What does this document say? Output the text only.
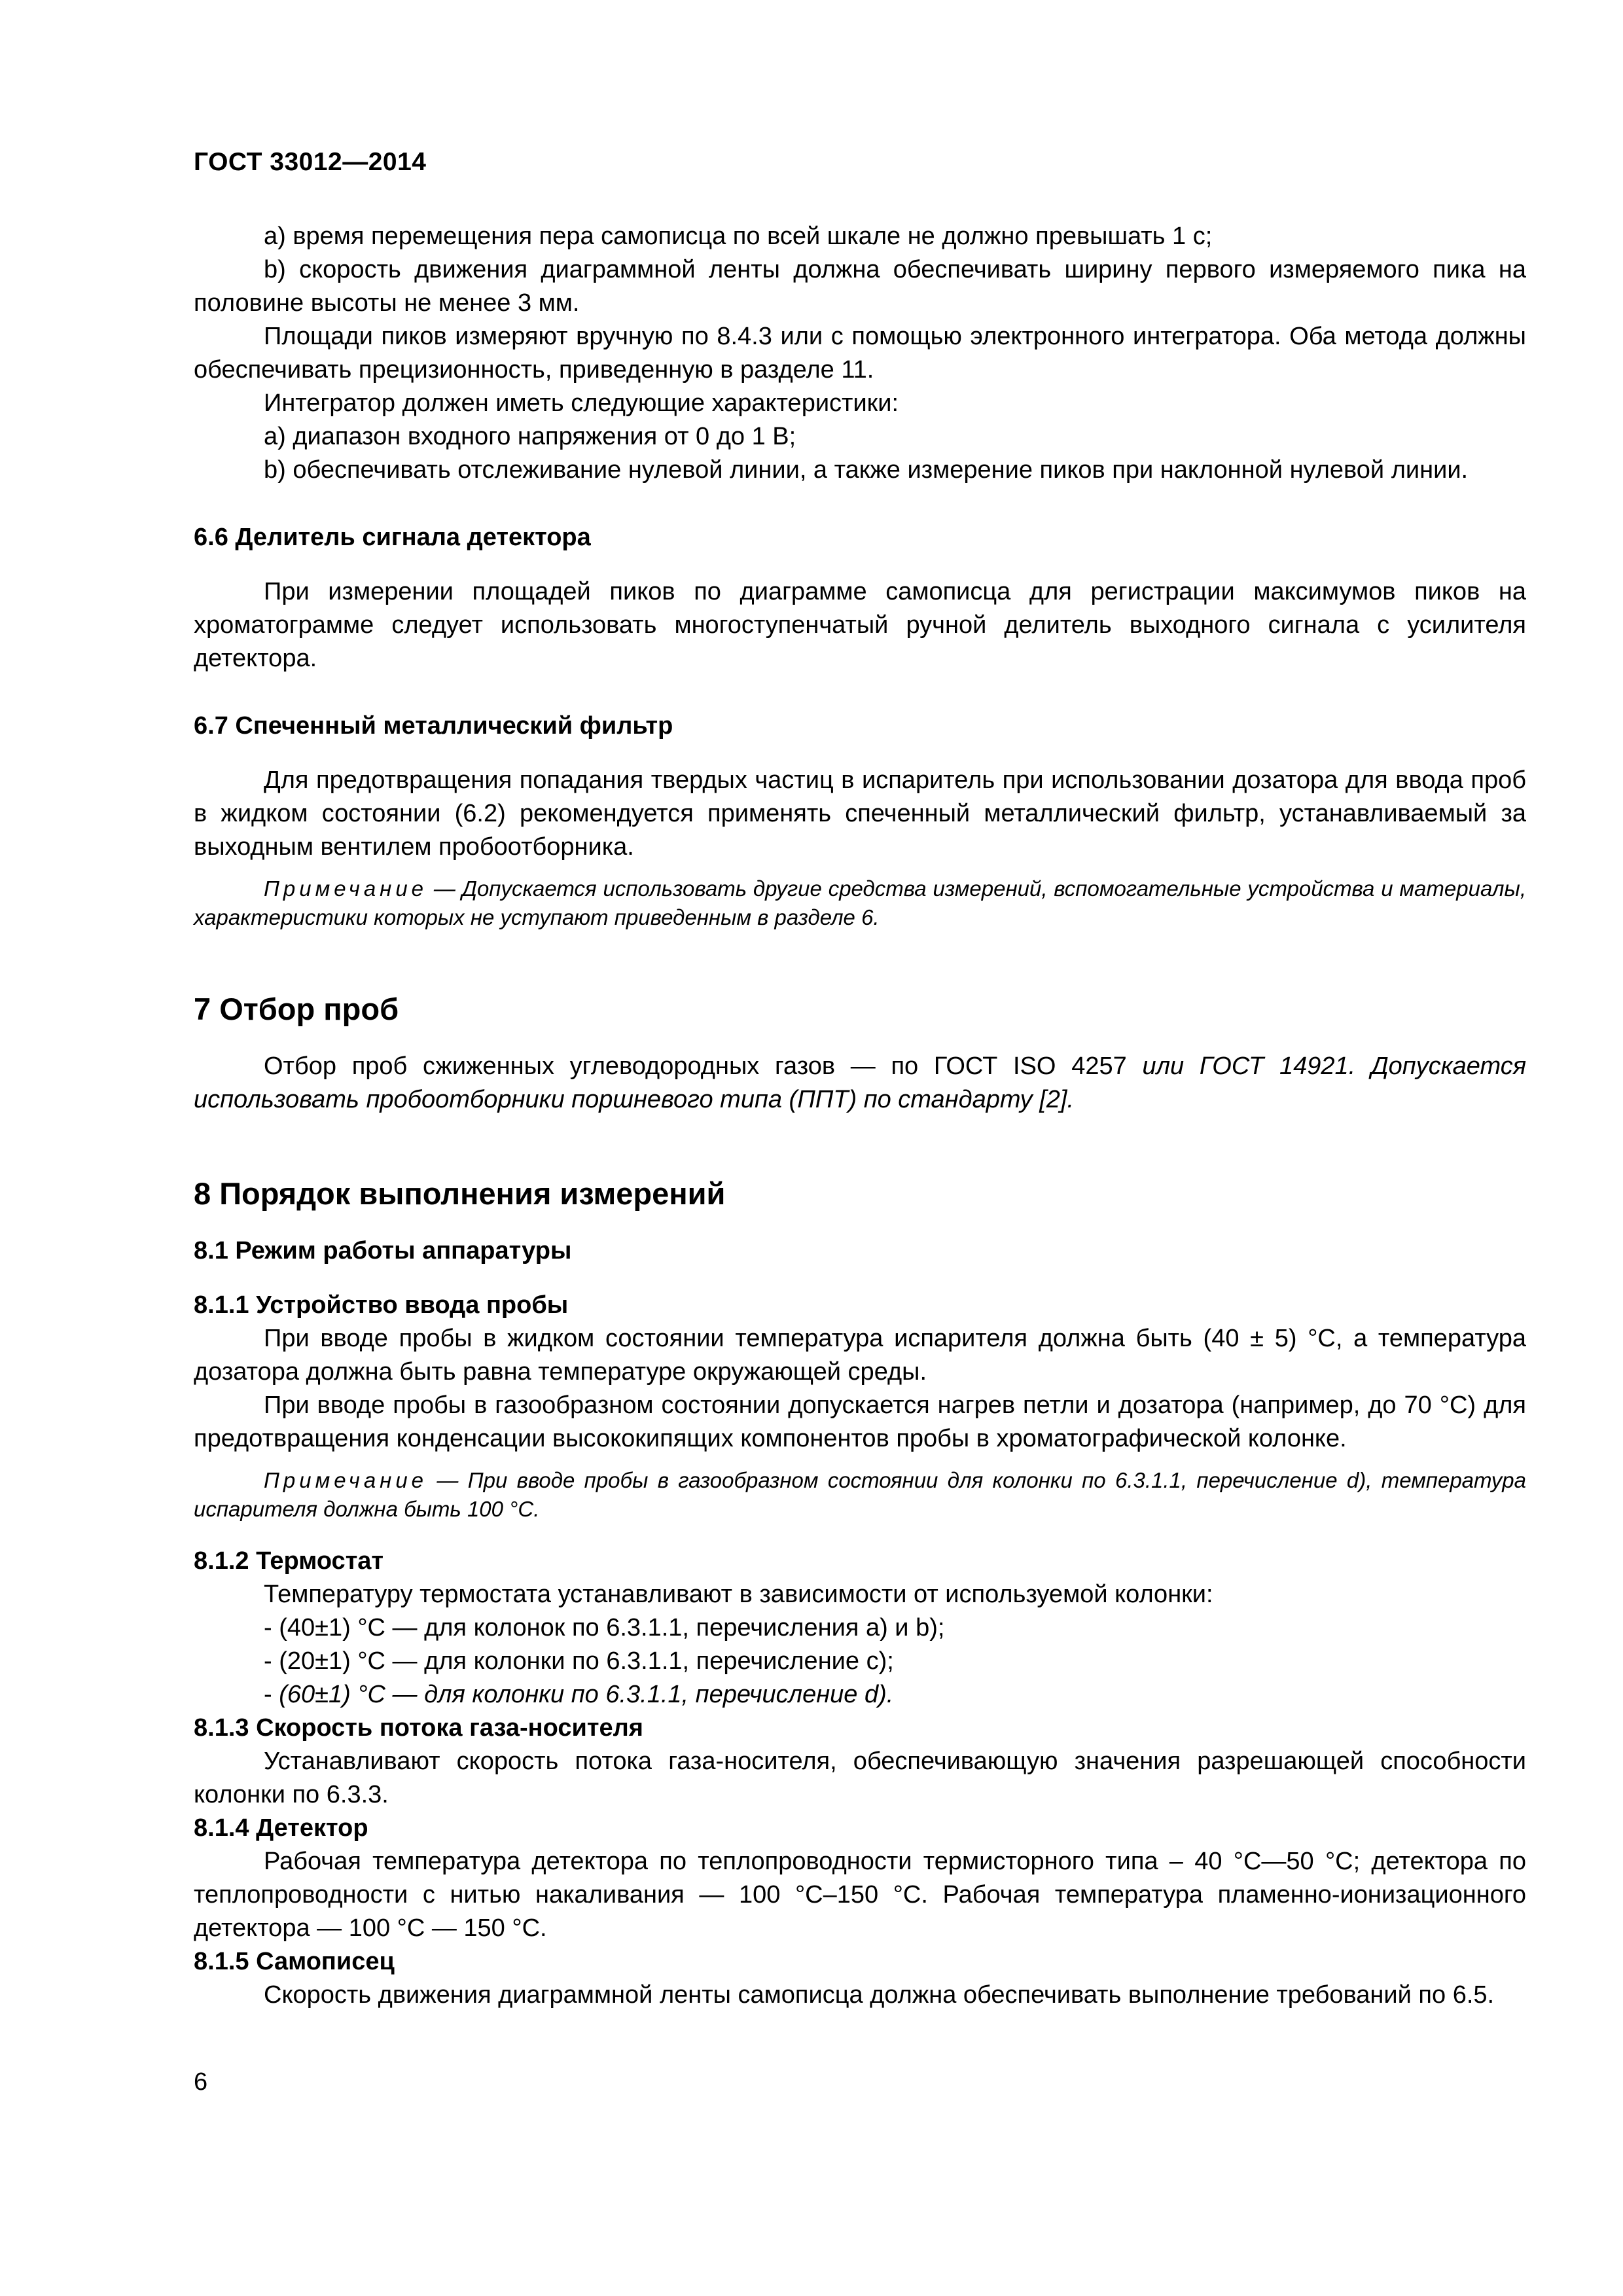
ГОСТ 33012—2014

a) время перемещения пера самописца по всей шкале не должно превышать 1 с;

b) скорость движения диаграммной ленты должна обеспечивать ширину первого измеряемого пика на половине высоты не менее 3 мм.

Площади пиков измеряют вручную по 8.4.3 или с помощью электронного интегратора. Оба метода должны обеспечивать прецизионность, приведенную в разделе 11.

Интегратор должен иметь следующие характеристики:

a) диапазон входного напряжения от 0 до 1 В;

b) обеспечивать отслеживание нулевой линии, а также измерение пиков при наклонной нулевой линии.

6.6 Делитель сигнала детектора

При измерении площадей пиков по диаграмме самописца для регистрации максимумов пиков на хроматограмме следует использовать многоступенчатый ручной делитель выходного сигнала с усилителя детектора.

6.7 Спеченный металлический фильтр

Для предотвращения попадания твердых частиц в испаритель при использовании дозатора для ввода проб в жидком состоянии (6.2) рекомендуется применять спеченный металлический фильтр, устанавливаемый за выходным вентилем пробоотборника.

Примечание — Допускается использовать другие средства измерений, вспомогательные устройства и материалы, характеристики которых не уступают приведенным в разделе 6.

7 Отбор проб

Отбор проб сжиженных углеводородных газов — по ГОСТ ISO 4257 или ГОСТ 14921. Допускается использовать пробоотборники поршневого типа (ППТ) по стандарту [2].

8 Порядок выполнения измерений

8.1 Режим работы аппаратуры

8.1.1 Устройство ввода пробы

При вводе пробы в жидком состоянии температура испарителя должна быть (40 ± 5) °С, а температура дозатора должна быть равна температуре окружающей среды.

При вводе пробы в газообразном состоянии допускается нагрев петли и дозатора (например, до 70 °С) для предотвращения конденсации высококипящих компонентов пробы в хроматографической колонке.

Примечание — При вводе пробы в газообразном состоянии для колонки по 6.3.1.1, перечисление d), температура испарителя должна быть 100 °С.

8.1.2 Термостат

Температуру термостата устанавливают в зависимости от используемой колонки:

- (40±1) °С — для колонок по 6.3.1.1, перечисления a) и b);

- (20±1) °С — для колонки по 6.3.1.1, перечисление с);

- (60±1) °С — для колонки по 6.3.1.1, перечисление d).

8.1.3 Скорость потока газа-носителя

Устанавливают скорость потока газа-носителя, обеспечивающую значения разрешающей способности колонки по 6.3.3.

8.1.4 Детектор

Рабочая температура детектора по теплопроводности термисторного типа – 40 °С—50 °С; детектора по теплопроводности с нитью накаливания — 100 °С–150 °С. Рабочая температура пламенно-ионизационного детектора — 100 °С — 150 °С.

8.1.5 Самописец

Скорость движения диаграммной ленты самописца должна обеспечивать выполнение требований по 6.5.

6
